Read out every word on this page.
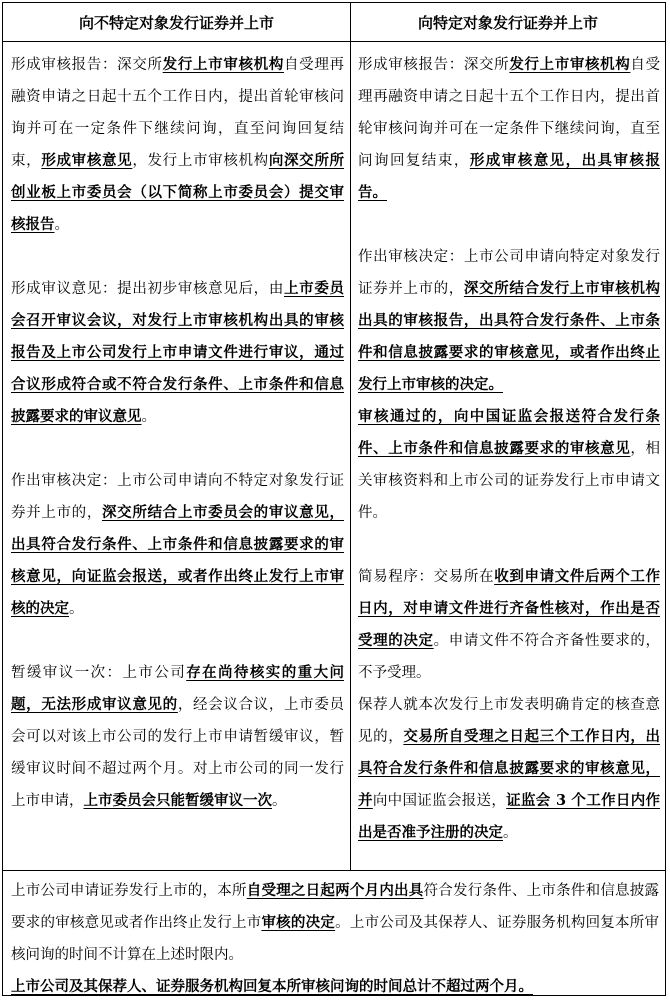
向不特定对象发行证券并上市	向特定对象发行证券并上市

形成审核报告：深交所发行上市审核机构自受理再融资申请之日起十五个工作日内，提出首轮审核问询并可在一定条件下继续问询，直至问询回复结束，形成审核意见，发行上市审核机构向深交所所创业板上市委员会（以下简称上市委员会）提交审核报告。

形成审议意见：提出初步审核意见后，由上市委员会召开审议会议，对发行上市审核机构出具的审核报告及上市公司发行上市申请文件进行审议，通过合议形成符合或不符合发行条件、上市条件和信息披露要求的审议意见。

作出审核决定：上市公司申请向不特定对象发行证券并上市的，深交所结合上市委员会的审议意见，出具符合发行条件、上市条件和信息披露要求的审核意见，向证监会报送，或者作出终止发行上市审核的决定。

暂缓审议一次：上市公司存在尚待核实的重大问题，无法形成审议意见的，经会议合议，上市委员会可以对该上市公司的发行上市申请暂缓审议，暂缓审议时间不超过两个月。对上市公司的同一发行上市申请，上市委员会只能暂缓审议一次。

形成审核报告：深交所发行上市审核机构自受理再融资申请之日起十五个工作日内，提出首轮审核问询并可在一定条件下继续问询，直至问询回复结束，形成审核意见，出具审核报告。

作出审核决定：上市公司申请向特定对象发行证券并上市的，深交所结合发行上市审核机构出具的审核报告，出具符合发行条件、上市条件和信息披露要求的审核意见，或者作出终止发行上市审核的决定。

审核通过的，向中国证监会报送符合发行条件、上市条件和信息披露要求的审核意见，相关审核资料和上市公司的证券发行上市申请文件。

简易程序：交易所在收到申请文件后两个工作日内，对申请文件进行齐备性核对，作出是否受理的决定。申请文件不符合齐备性要求的，不予受理。

保荐人就本次发行上市发表明确肯定的核查意见的，交易所自受理之日起三个工作日内，出具符合发行条件和信息披露要求的审核意见，并向中国证监会报送，证监会 3 个工作日内作出是否准予注册的决定。

上市公司申请证券发行上市的，本所自受理之日起两个月内出具符合发行条件、上市条件和信息披露要求的审核意见或者作出终止发行上市审核的决定。上市公司及其保荐人、证券服务机构回复本所审核问询的时间不计算在上述时限内。

上市公司及其保荐人、证券服务机构回复本所审核问询的时间总计不超过两个月。
